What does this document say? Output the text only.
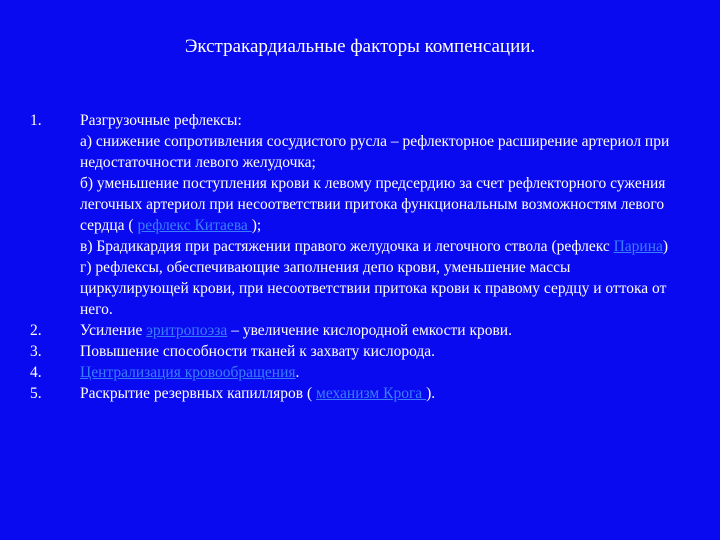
Экстракардиальные факторы компенсации.
1.	Разгрузочные рефлексы:

а) снижение сопротивления сосудистого русла – рефлекторное расширение артериол при недостаточности левого желудочка;

б) уменьшение поступления крови к левому предсердию за счет рефлекторного сужения легочных артериол при несоответствии притока функциональным возможностям левого сердца ( рефлекс Китаева );

в) Брадикардия при растяжении правого желудочка и легочного ствола (рефлекс Парина)

г) рефлексы, обеспечивающие заполнения депо крови, уменьшение массы циркулирующей крови, при несоответствии притока крови к правому сердцу и оттока от него.

2.	Усиление эритропоэза – увеличение кислородной емкости крови.
3.	Повышение способности тканей к захвату кислорода.
4.	Централизация кровообращения.
5.	Раскрытие резервных капилляров ( механизм Крога ).
